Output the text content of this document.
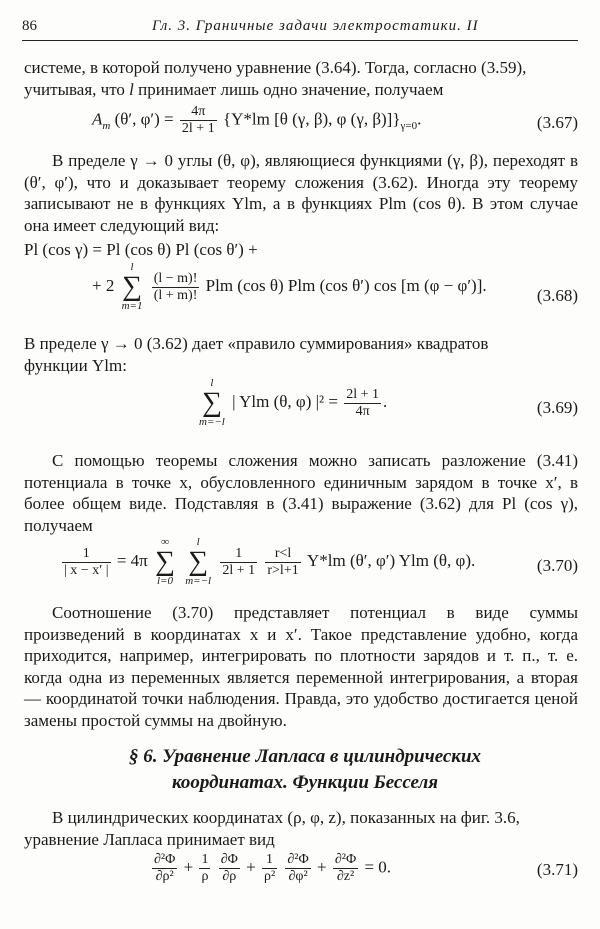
86	Гл. 3. Граничные задачи электростатики. II
системе, в которой получено уравнение (3.64). Тогда, согласно (3.59),
учитывая, что l принимает лишь одно значение, получаем
$A_m$ (θ′, $\varphi') = \frac{4\pi}{2l + 1} \{Y*lm$ [θ (γ, β), φ (γ, $\beta)]\}_{\gamma=0}$.	(3.67)

В пределе γ → 0 углы (θ, φ), являющиеся функциями (γ, β), переходят в (θ′, φ′), что и доказывает теорему сложения (3.62). Иногда эту теорему записывают не в функциях Ylm, а в функциях Plm (cos θ). В этом случае она имеет следующий вид:

Pl (cos γ) = Pl (cos θ) Pl (cos θ′) +
+ 2
l
∑
m=1

$\frac{(l - m)!}{(l + m)!}$ Plm (cos θ) Plm (cos θ′) cos [m (φ − φ′)].
(3.68)
В пределе γ → 0 (3.62) дает «правило суммирования» квадратов
функции Ylm:
l
∑
m=−l
| Ylm (θ, φ) $|^2 = \frac{2l + 1}{4\pi}$ .	(3.69)

С помощью теоремы сложения можно записать разложение (3.41) потенциала в точке x, обусловленного единичным зарядом в точке x′, в более общем виде. Подставляя в (3.41) выражение (3.62) для Pl (cos γ), получаем

$\frac{1}{| x - x' |} = 4\pi$
∞
∑
l=0

l
∑
m=−l

$\frac{1}{2l + 1}$
$\frac{r<l}{r>l+1} Y*lm$ (θ′, φ′) Ylm (θ, φ).	(3.70)

Соотношение (3.70) представляет потенциал в виде суммы произведений в координатах x и x′. Такое представление удобно, когда приходится, например, интегрировать по плотности зарядов и т. п., т. е. когда одна из переменных является переменной интегрирования, а вторая — координатой точки наблюдения. Правда, это удобство достигается ценой замены простой суммы на двойную.

§ 6. Уравнение Лапласа в цилиндрических
координатах. Функции Бесселя
В цилиндрических координатах (ρ, φ, z), показанных на фиг. 3.6,
уравнение Лапласа принимает вид
$\frac{\text{∂²Φ}}{\text{∂ρ²}} + \frac{1}{\rho}$
$\frac{\partial\Phi}{\partial\rho} + \frac{1}{\text{ρ²}}$
$\frac{\text{∂²Φ}}{\text{∂φ²}} + \frac{\text{∂²Φ}}{\text{∂z²}} = 0$.	(3.71)
